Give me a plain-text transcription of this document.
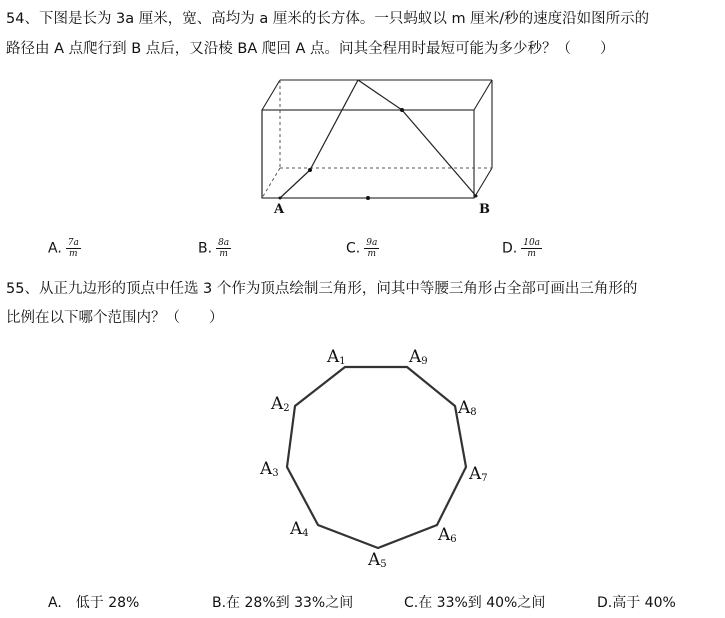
54、下图是长为 3a 厘米，宽、高均为 a 厘米的长方体。一只蚂蚁以 m 厘米/秒的速度沿如图所示的
路径由 A 点爬行到 B 点后，又沿棱 BA 爬回 A 点。问其全程用时最短可能为多少秒？（　　）
A	B
A. $\frac{7a}{m}$	B. $\frac{8a}{m}$	C. $\frac{9a}{m}$	D. $\frac{10a}{m}$
55、从正九边形的顶点中任选 3 个作为顶点绘制三角形，问其中等腰三角形占全部可画出三角形的
比例在以下哪个范围内？（　　）
$A_1$
$A_2$
$A_3$
$A_4$
$A_5$
$A_6$
$A_7$
$A_8$
$A_9$
A.　低于 28%	B.在 28%到 33%之间	C.在 33%到 40%之间	D.高于 40%
